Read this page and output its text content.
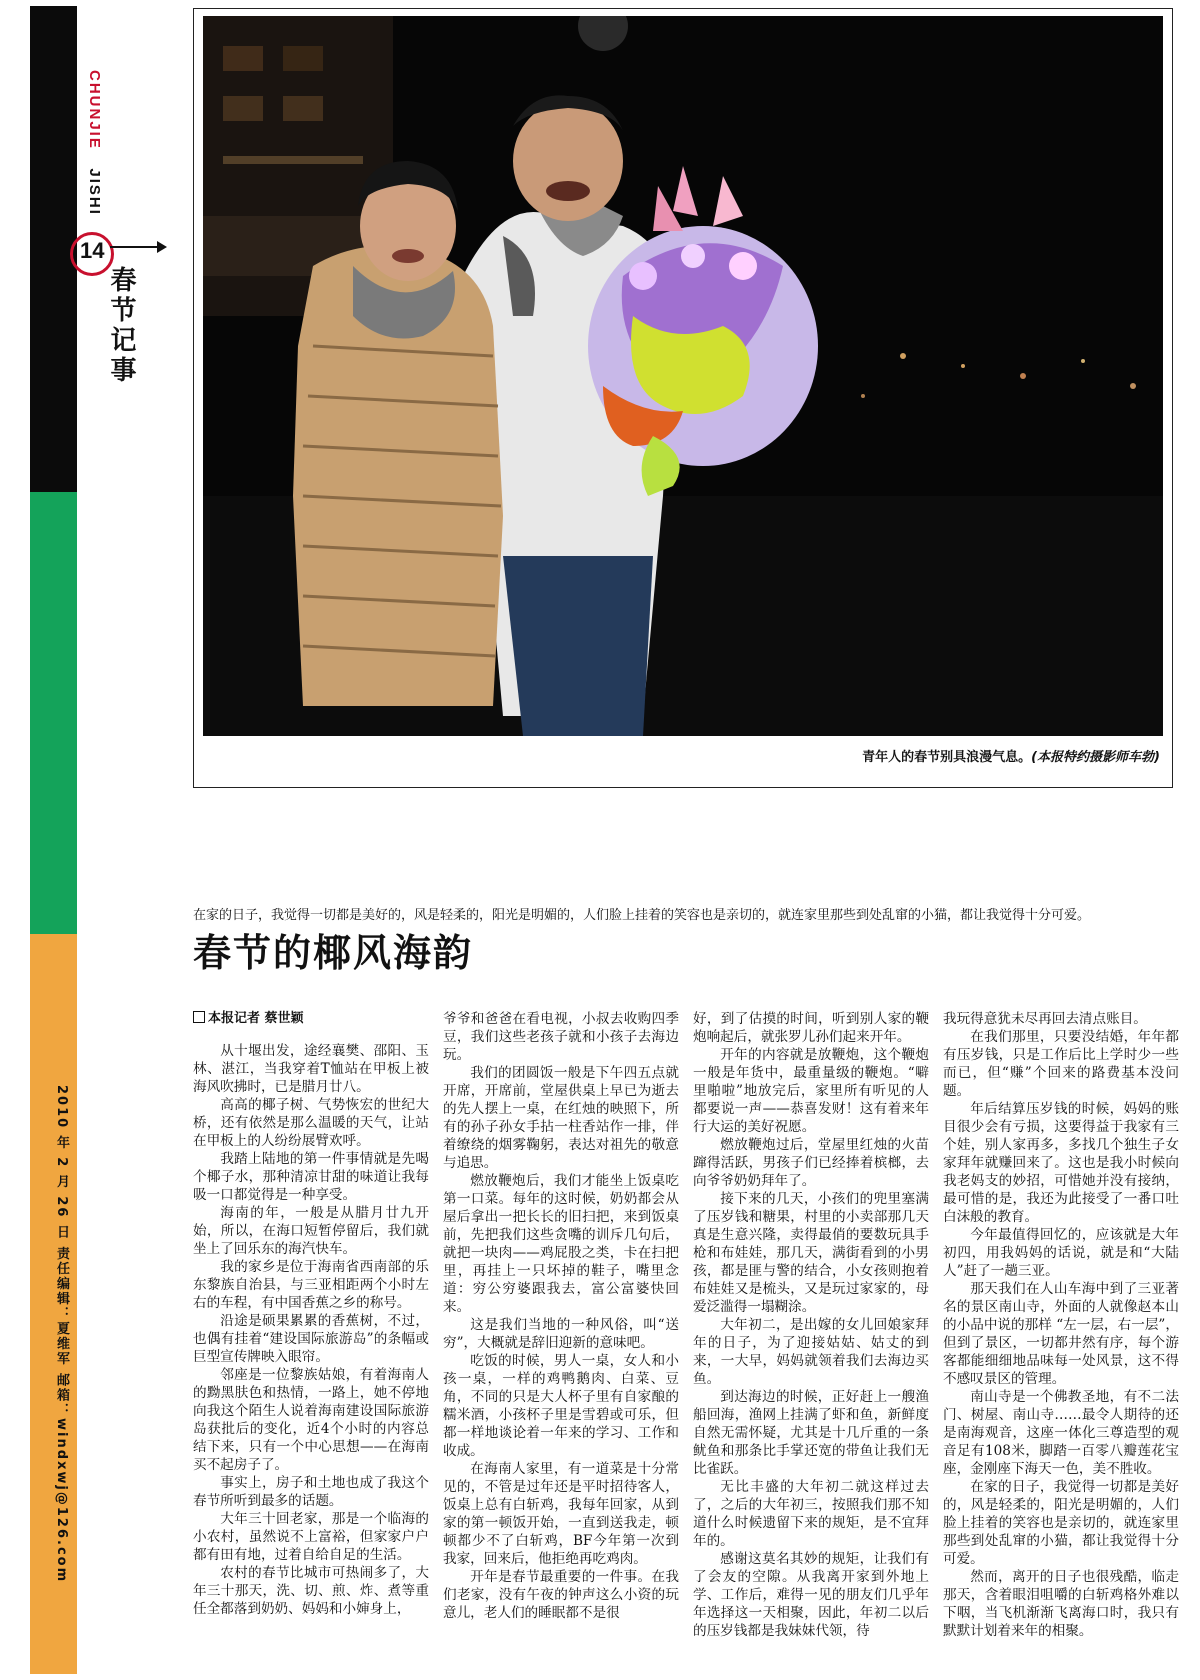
CHUNJIE   JISHI
14
春节记事
2010 年 2 月 26 日 责任编辑：夏维军 邮箱：windxwj@126.com
青年人的春节别具浪漫气息。(本报特约摄影师车勃)
在家的日子，我觉得一切都是美好的，风是轻柔的，阳光是明媚的，人们脸上挂着的笑容也是亲切的，就连家里那些到处乱窜的小猫，都让我觉得十分可爱。
春节的椰风海韵

本报记者 蔡世颖

从十堰出发，途经襄樊、邵阳、玉林、湛江，当我穿着T恤站在甲板上被海风吹拂时，已是腊月廿八。

高高的椰子树、气势恢宏的世纪大桥，还有依然是那么温暖的天气，让站在甲板上的人纷纷展臂欢呼。

我踏上陆地的第一件事情就是先喝个椰子水，那种清凉甘甜的味道让我每吸一口都觉得是一种享受。

海南的年，一般是从腊月廿九开始，所以，在海口短暂停留后，我们就坐上了回乐东的海汽快车。

我的家乡是位于海南省西南部的乐东黎族自治县，与三亚相距两个小时左右的车程，有中国香蕉之乡的称号。

沿途是硕果累累的香蕉树，不过，也偶有挂着“建设国际旅游岛”的条幅或巨型宣传牌映入眼帘。

邻座是一位黎族姑娘，有着海南人的黝黑肤色和热情，一路上，她不停地向我这个陌生人说着海南建设国际旅游岛获批后的变化，近4个小时的内容总结下来，只有一个中心思想——在海南买不起房子了。

事实上，房子和土地也成了我这个春节所听到最多的话题。

大年三十回老家，那是一个临海的小农村，虽然说不上富裕，但家家户户都有田有地，过着自给自足的生活。

农村的春节比城市可热闹多了，大年三十那天，洗、切、煎、炸、煮等重任全都落到奶奶、妈妈和小婶身上，

爷爷和爸爸在看电视，小叔去收购四季豆，我们这些老孩子就和小孩子去海边玩。

我们的团圆饭一般是下午四五点就开席，开席前，堂屋供桌上早已为逝去的先人摆上一桌，在红烛的映照下，所有的孙子孙女手拈一柱香站作一排，伴着缭绕的烟雾鞠躬，表达对祖先的敬意与追思。

燃放鞭炮后，我们才能坐上饭桌吃第一口菜。每年的这时候，奶奶都会从屋后拿出一把长长的旧扫把，来到饭桌前，先把我们这些贪嘴的训斥几句后，就把一块肉——鸡屁股之类，卡在扫把里，再挂上一只坏掉的鞋子，嘴里念道：穷公穷婆跟我去，富公富婆快回来。

这是我们当地的一种风俗，叫“送穷”，大概就是辞旧迎新的意味吧。

吃饭的时候，男人一桌，女人和小孩一桌，一样的鸡鸭鹅肉、白菜、豆角，不同的只是大人杯子里有自家酿的糯米酒，小孩杯子里是雪碧或可乐，但都一样地谈论着一年来的学习、工作和收成。

在海南人家里，有一道菜是十分常见的，不管是过年还是平时招待客人，饭桌上总有白斩鸡，我每年回家，从到家的第一顿饭开始，一直到送我走，顿顿都少不了白斩鸡，BF今年第一次到我家，回来后，他拒绝再吃鸡肉。

开年是春节最重要的一件事。在我们老家，没有午夜的钟声这么小资的玩意儿，老人们的睡眠都不是很

好，到了估摸的时间，听到别人家的鞭炮响起后，就张罗儿孙们起来开年。

开年的内容就是放鞭炮，这个鞭炮一般是年货中，最重量级的鞭炮。“噼里啪啦”地放完后，家里所有听见的人都要说一声——恭喜发财！这有着来年行大运的美好祝愿。

燃放鞭炮过后，堂屋里红烛的火苗蹿得活跃，男孩子们已经捧着槟榔，去向爷爷奶奶拜年了。

接下来的几天，小孩们的兜里塞满了压岁钱和糖果，村里的小卖部那几天真是生意兴隆，卖得最俏的要数玩具手枪和布娃娃，那几天，满街看到的小男孩，都是匪与警的结合，小女孩则抱着布娃娃又是梳头，又是玩过家家的，母爱泛滥得一塌糊涂。

大年初二，是出嫁的女儿回娘家拜年的日子，为了迎接姑姑、姑丈的到来，一大早，妈妈就领着我们去海边买鱼。

到达海边的时候，正好赶上一艘渔船回海，渔网上挂满了虾和鱼，新鲜度自然无需怀疑，尤其是十几斤重的一条鱿鱼和那条比手掌还宽的带鱼让我们无比雀跃。

无比丰盛的大年初二就这样过去了，之后的大年初三，按照我们那不知道什么时候遗留下来的规矩，是不宜拜年的。

感谢这莫名其妙的规矩，让我们有了会友的空隙。从我离开家到外地上学、工作后，难得一见的朋友们几乎年年选择这一天相聚，因此，年初二以后的压岁钱都是我妹妹代领，待

我玩得意犹未尽再回去清点账目。

在我们那里，只要没结婚，年年都有压岁钱，只是工作后比上学时少一些而已，但“赚”个回来的路费基本没问题。

年后结算压岁钱的时候，妈妈的账目很少会有亏损，这要得益于我家有三个娃，别人家再多，多找几个独生子女家拜年就赚回来了。这也是我小时候向我老妈支的妙招，可惜她并没有接纳，最可惜的是，我还为此接受了一番口吐白沫般的教育。

今年最值得回忆的，应该就是大年初四，用我妈妈的话说，就是和“大陆人”赶了一趟三亚。

那天我们在人山车海中到了三亚著名的景区南山寺，外面的人就像赵本山的小品中说的那样 “左一层，右一层”，但到了景区，一切都井然有序，每个游客都能细细地品味每一处风景，这不得不感叹景区的管理。

南山寺是一个佛教圣地，有不二法门、树屋、南山寺……最令人期待的还是南海观音，这座一体化三尊造型的观音足有108米，脚踏一百零八瓣莲花宝座，金刚座下海天一色，美不胜收。

在家的日子，我觉得一切都是美好的，风是轻柔的，阳光是明媚的，人们脸上挂着的笑容也是亲切的，就连家里那些到处乱窜的小猫，都让我觉得十分可爱。

然而，离开的日子也很残酷，临走那天，含着眼泪咀嚼的白斩鸡格外难以下咽，当飞机渐渐飞离海口时，我只有默默计划着来年的相聚。
